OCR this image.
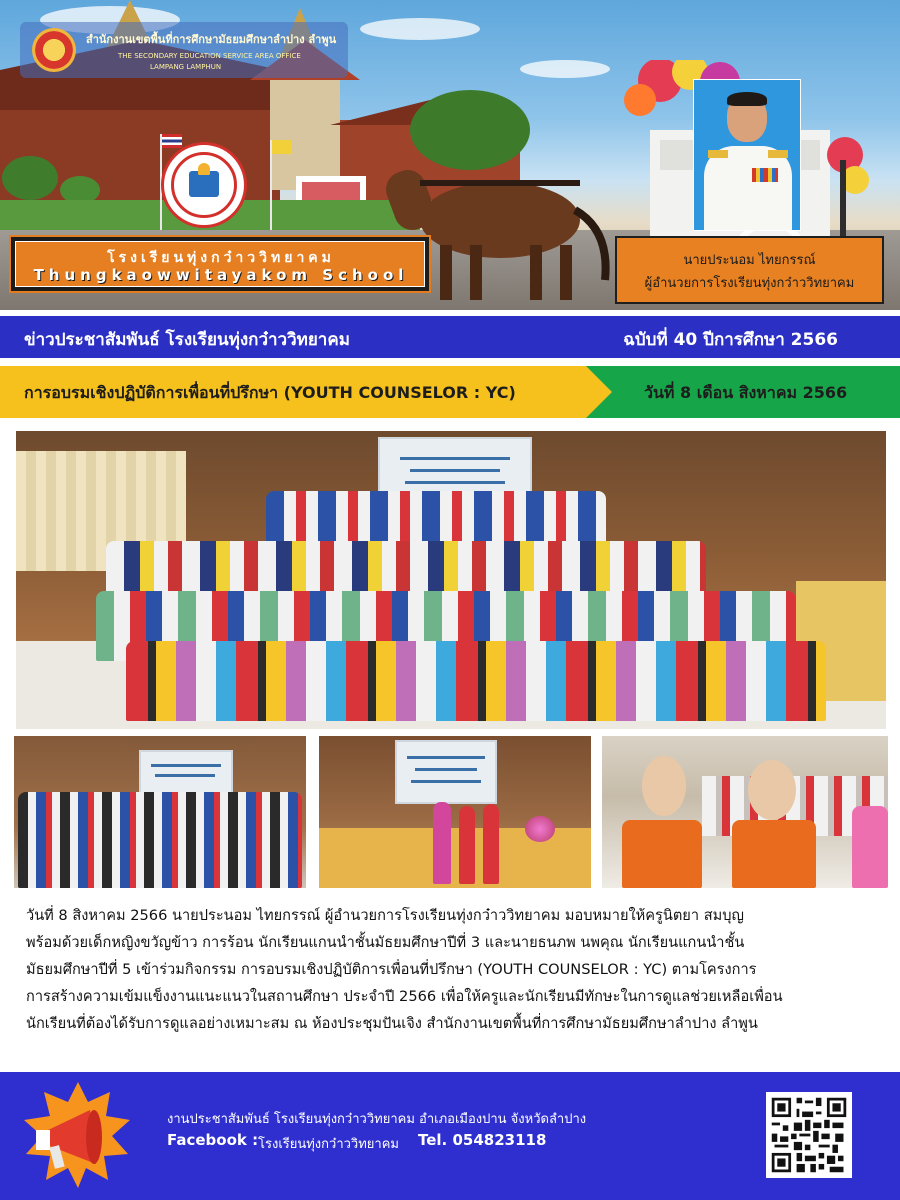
สำนักงานเขตพื้นที่การศึกษามัธยมศึกษาลำปาง ลำพูน
THE SECONDARY EDUCATION SERVICE AREA OFFICE
LAMPANG LAMPHUN
โรงเรียนทุ่งกว๋าววิทยาคม
Thungkaowwitayakom School
นายประนอม ไทยกรรณ์
ผู้อำนวยการโรงเรียนทุ่งกว๋าววิทยาคม
ข่าวประชาสัมพันธ์ โรงเรียนทุ่งกว๋าววิทยาคม	ฉบับที่ 40 ปีการศึกษา 2566
การอบรมเชิงปฏิบัติการเพื่อนที่ปรึกษา (YOUTH COUNSELOR : YC)	วันที่ 8 เดือน สิงหาคม 2566
วันที่ 8 สิงหาคม 2566 นายประนอม ไทยกรรณ์ ผู้อำนวยการโรงเรียนทุ่งกว๋าววิทยาคม มอบหมายให้ครูนิตยา สมบุญ
พร้อมด้วยเด็กหญิงขวัญข้าว การร้อน นักเรียนแกนนำชั้นมัธยมศึกษาปีที่ 3 และนายธนภพ นพคุณ นักเรียนแกนนำชั้น
มัธยมศึกษาปีที่ 5 เข้าร่วมกิจกรรม การอบรมเชิงปฏิบัติการเพื่อนที่ปรึกษา (YOUTH COUNSELOR : YC) ตามโครงการ
การสร้างความเข้มแข็งงานแนะแนวในสถานศึกษา ประจำปี 2566 เพื่อให้ครูและนักเรียนมีทักษะในการดูแลช่วยเหลือเพื่อน
นักเรียนที่ต้องได้รับการดูแลอย่างเหมาะสม ณ ห้องประชุมปันเจิง สำนักงานเขตพื้นที่การศึกษามัธยมศึกษาลำปาง ลำพูน
งานประชาสัมพันธ์ โรงเรียนทุ่งกว๋าววิทยาคม อำเภอเมืองปาน จังหวัดลำปาง
Facebook : โรงเรียนทุ่งกว๋าววิทยาคม Tel. 054823118
